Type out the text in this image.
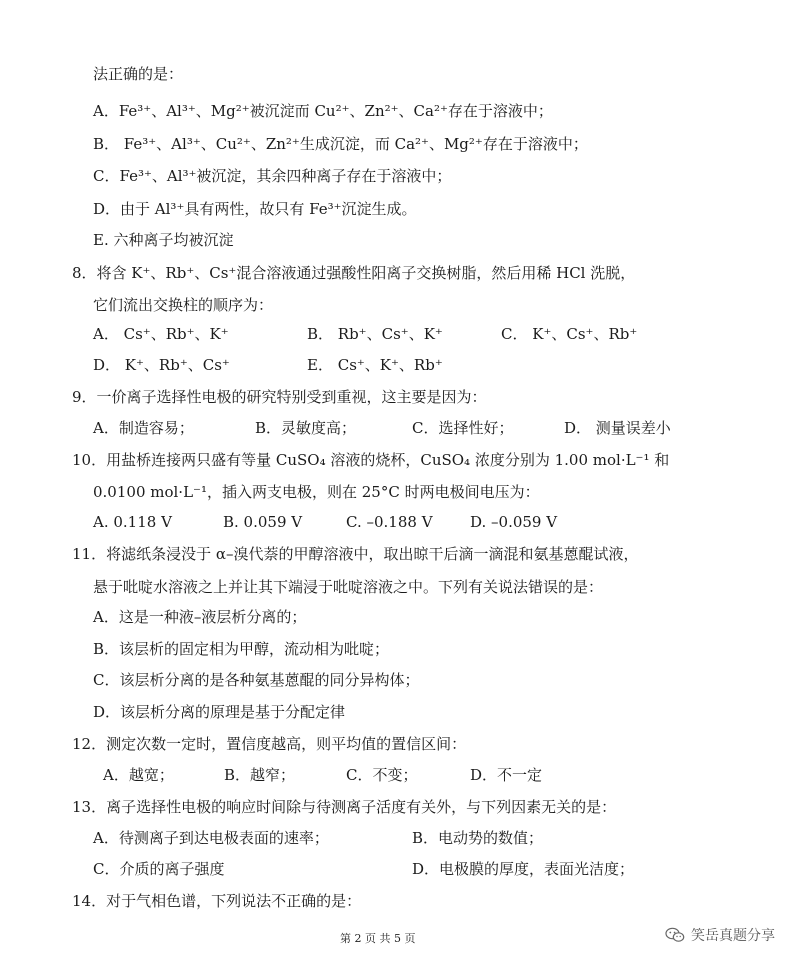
法正确的是：
A．Fe³⁺、Al³⁺、Mg²⁺被沉淀而 Cu²⁺、Zn²⁺、Ca²⁺存在于溶液中；
B． Fe³⁺、Al³⁺、Cu²⁺、Zn²⁺生成沉淀，而 Ca²⁺、Mg²⁺存在于溶液中；
C．Fe³⁺、Al³⁺被沉淀，其余四种离子存在于溶液中；
D．由于 Al³⁺具有两性，故只有 Fe³⁺沉淀生成。
E. 六种离子均被沉淀
8．将含 K⁺、Rb⁺、Cs⁺混合溶液通过强酸性阳离子交换树脂，然后用稀 HCl 洗脱，
它们流出交换柱的顺序为：
A． Cs⁺、Rb⁺、K⁺	B． Rb⁺、Cs⁺、K⁺	C． K⁺、Cs⁺、Rb⁺
D． K⁺、Rb⁺、Cs⁺	E． Cs⁺、K⁺、Rb⁺
9．一价离子选择性电极的研究特别受到重视，这主要是因为：
A．制造容易；	B．灵敏度高；	C．选择性好；	D． 测量误差小
10．用盐桥连接两只盛有等量 CuSO₄ 溶液的烧杯，CuSO₄ 浓度分别为 1.00 mol·L⁻¹ 和
0.0100 mol·L⁻¹，插入两支电极，则在 25°C 时两电极间电压为：
A. 0.118 V	B. 0.059 V	C. –0.188 V D. –0.059 V
11．将滤纸条浸没于 α–溴代萘的甲醇溶液中，取出晾干后滴一滴混和氨基蒽醌试液，
悬于吡啶水溶液之上并让其下端浸于吡啶溶液之中。下列有关说法错误的是：
A．这是一种液–液层析分离的；
B．该层析的固定相为甲醇，流动相为吡啶；
C．该层析分离的是各种氨基蒽醌的同分异构体；
D．该层析分离的原理是基于分配定律
12．测定次数一定时，置信度越高，则平均值的置信区间：
A．越宽；	B．越窄；	C．不变；	D．不一定
13．离子选择性电极的响应时间除与待测离子活度有关外，与下列因素无关的是：
A．待测离子到达电极表面的速率；	B．电动势的数值；
C．介质的离子强度	D．电极膜的厚度，表面光洁度；
14．对于气相色谱，下列说法不正确的是：
第 2 页 共 5 页	笑岳真题分享
